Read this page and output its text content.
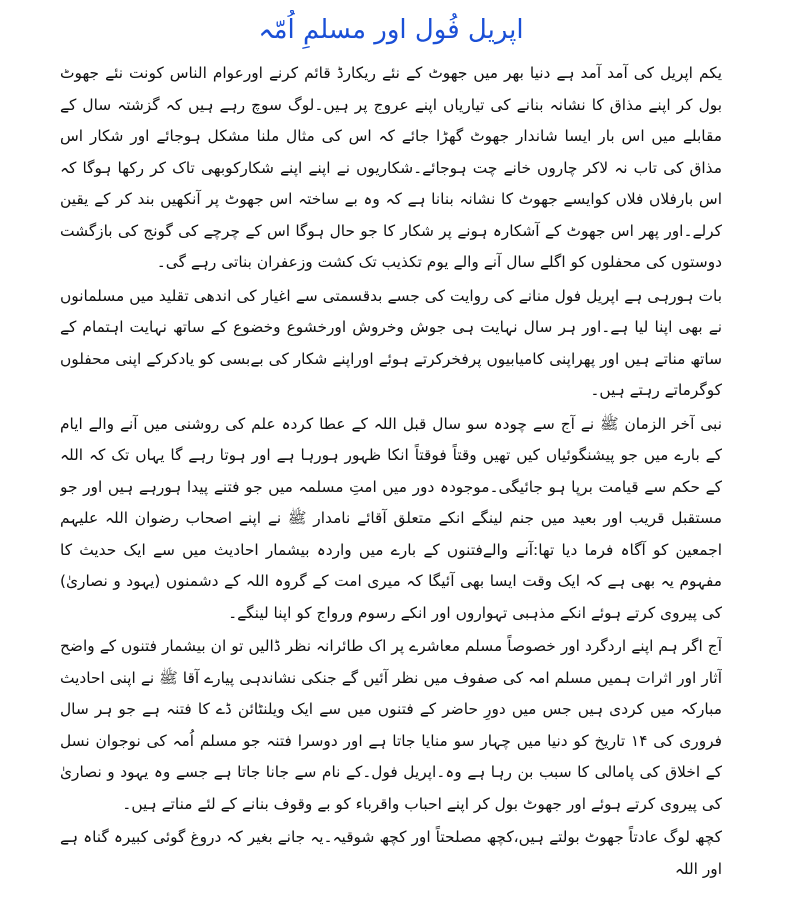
اپریل فُول اور مسلمِ اُمّہ

یکم اپریل کی آمد آمد ہے دنیا بھر میں جھوٹ کے نئے ریکارڈ قائم کرنے اورعوام الناس کونت نئے جھوٹ بول کر اپنے مذاق کا نشانہ بنانے کی تیاریاں اپنے عروج پر ہیں۔لوگ سوچ رہے ہیں کہ گزشتہ سال کے مقابلے میں اس بار ایسا شاندار جھوٹ گھڑا جائے کہ اس کی مثال ملنا مشکل ہوجائے اور شکار اس مذاق کی تاب نہ لاکر چاروں خانے چت ہوجائے۔شکاریوں نے اپنے اپنے شکارکوبھی تاک کر رکھا ہوگا کہ اس بارفلاں فلاں کوایسے جھوٹ کا نشانہ بنانا ہے کہ وہ بے ساختہ اس جھوٹ پر آنکھیں بند کر کے یقین کرلے۔اور پھر اس جھوٹ کے آشکارہ ہونے پر شکار کا جو حال ہوگا اس کے چرچے کی گونج کی بازگشت دوستوں کی محفلوں کو اگلے سال آنے والے یوم تکذیب تک کشت وزعفران بناتی رہے گی۔

بات ہورہی ہے اپریل فول منانے کی روایت کی جسے بدقسمتی سے اغیار کی اندھی تقلید میں مسلمانوں نے بھی اپنا لیا ہے۔اور ہر سال نہایت ہی جوش وخروش اورخشوع وخضوع کے ساتھ نہایت اہتمام کے ساتھ مناتے ہیں اور پھراپنی کامیابیوں پرفخرکرتے ہوئے اوراپنے شکار کی بےبسی کو یادکرکے اپنی محفلوں کوگرماتے رہتے ہیں۔

نبی آخر الزمان ﷺ نے آج سے چودہ سو سال قبل اللہ کے عطا کردہ علم کی روشنی میں آنے والے ایام کے بارے میں جو پیشنگوئیاں کیں تھیں وقتاً فوقتاً انکا ظہور ہورہا ہے اور ہوتا رہے گا یہاں تک کہ اللہ کے حکم سے قیامت برپا ہو جائیگی۔موجودہ دور میں امتِ مسلمہ میں جو فتنے پیدا ہورہے ہیں اور جو مستقبل قریب اور بعید میں جنم لینگے انکے متعلق آقائے نامدار ﷺ نے اپنے اصحاب رضوان اللہ علیہم اجمعین کو آگاہ فرما دیا تھا:آنے والےفتنوں کے بارے میں واردہ بیشمار احادیث میں سے ایک حدیث کا مفہوم یہ بھی ہے کہ ایک وقت ایسا بھی آئیگا کہ میری امت کے گروہ اللہ کے دشمنوں (یہود و نصاریٰ) کی پیروی کرتے ہوئے انکے مذہبی تہواروں اور انکے رسوم ورواج کو اپنا لینگے۔

آج اگر ہم اپنے اردگرد اور خصوصاً مسلم معاشرے پر اک طائرانہ نظر ڈالیں تو ان بیشمار فتنوں کے واضح آثار اور اثرات ہمیں مسلم امہ کی صفوف میں نظر آئیں گے جنکی نشاندہی پیارے آقا ﷺ نے اپنی احادیث مبارکہ میں کردی ہیں جس میں دورِ حاضر کے فتنوں میں سے ایک ویلنٹائن ڈے کا فتنہ ہے جو ہر سال فروری کی ۱۴ تاریخ کو دنیا میں چہار سو منایا جاتا ہے اور دوسرا فتنہ جو مسلم اُمہ کی نوجوان نسل کے اخلاق کی پامالی کا سبب بن رہا ہے وہ۔اپریل فول۔کے نام سے جانا جاتا ہے جسے وہ یہود و نصاریٰ کی پیروی کرتے ہوئے اور جھوٹ بول کر اپنے احباب واقرباء کو بے وقوف بنانے کے لئے مناتے ہیں۔

کچھ لوگ عادتاً جھوٹ بولتے ہیں،کچھ مصلحتاً اور کچھ شوقیہ۔یہ جانے بغیر کہ دروغ گوئی کبیرہ گناہ ہے اور اللہ
